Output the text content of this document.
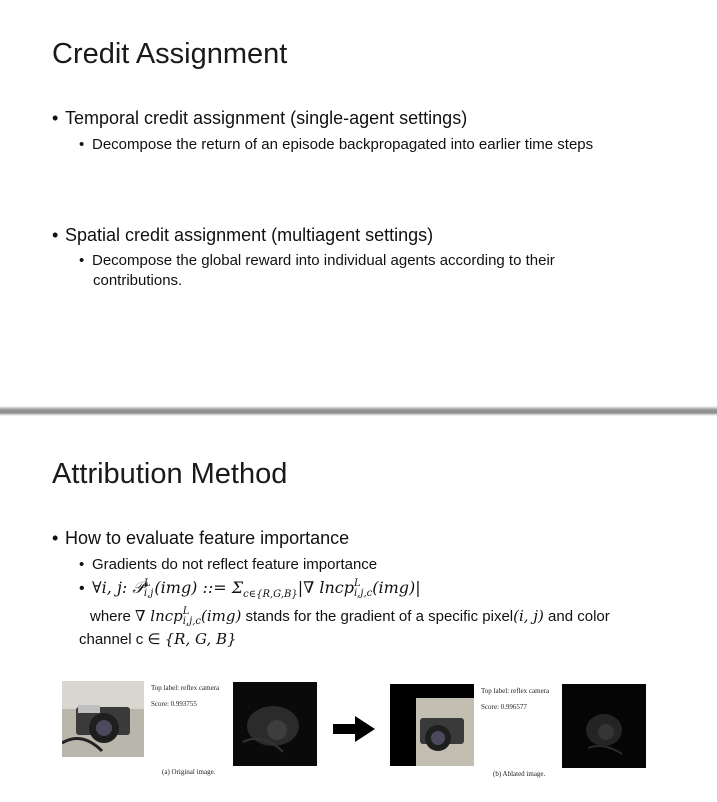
Credit Assignment
• Temporal credit assignment (single-agent settings)
• Decompose the return of an episode backpropagated into earlier time steps
• Spatial credit assignment (multiagent settings)
• Decompose the global reward into individual agents according to their
contributions.
Attribution Method
• How to evaluate feature importance
• Gradients do not reflect feature importance
• ∀i, j: 𝒫 L
i,j (img) ::= $\Sigma_{c\in\{R,G,B\}}|\nabla$ lncp L
i,j,c (img)|
where ∇ lncp L
i,j,c (img) stands for the gradient of a specific pixel(i, j) and color
channel c ∈ {R, G, B}
Top label: reflex camera
Score: 0.993755
(a) Original image.
Top label: reflex camera
Score: 0.996577
(b) Ablated image.
